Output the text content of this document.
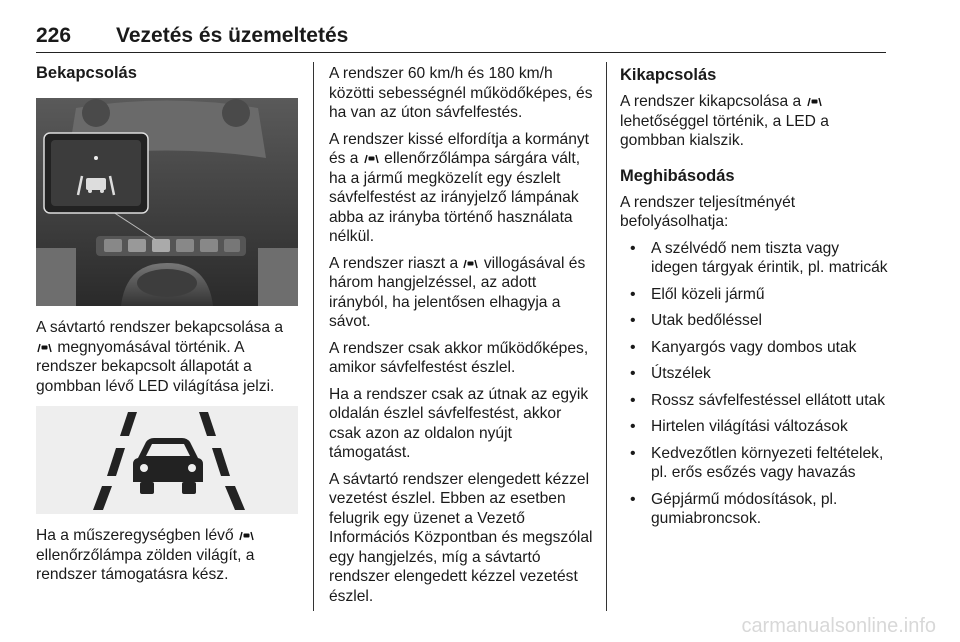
226 Vezetés és üzemeltetés
Bekapcsolás

A sávtartó rendszer bekapcsolása a  megnyomásával történik. A rendszer bekapcsolt állapotát a gombban lévő LED világítása jelzi.

Ha a műszeregységben lévő  ellenőrzőlámpa zölden világít, a rendszer támogatásra kész.

A rendszer 60 km/h és 180 km/h közötti sebességnél működőképes, és ha van az úton sávfelfestés.

A rendszer kissé elfordítja a kormányt és a ellenőrzőlámpa sárgára vált, ha a jármű megközelít egy észlelt sávfelfestést az irányjelző lámpának abba az irányba történő használata nélkül.

A rendszer riaszt a villogásával és három hangjelzéssel, az adott irányból, ha jelentősen elhagyja a sávot.

A rendszer csak akkor működőképes, amikor sávfelfestést észlel.

Ha a rendszer csak az útnak az egyik oldalán észlel sávfelfestést, akkor csak azon az oldalon nyújt támogatást.

A sávtartó rendszer elengedett kézzel vezetést észlel. Ebben az esetben felugrik egy üzenet a Vezető Információs Központban és megszólal egy hangjelzés, míg a sávtartó rendszer elengedett kézzel vezetést észlel.

Kikapcsolás

A rendszer kikapcsolása a  lehetőséggel történik, a LED a gombban kialszik.

Meghibásodás

A rendszer teljesítményét befolyásolhatja:

• A szélvédő nem tiszta vagy idegen tárgyak érintik, pl. matricák
• Elől közeli jármű
• Utak bedőléssel
• Kanyargós vagy dombos utak
• Útszélek
• Rossz sávfelfestéssel ellátott utak
• Hirtelen világítási változások
• Kedvezőtlen környezeti feltételek, pl. erős esőzés vagy havazás
• Gépjármű módosítások, pl. gumiabroncsok.
carmanualsonline.info
